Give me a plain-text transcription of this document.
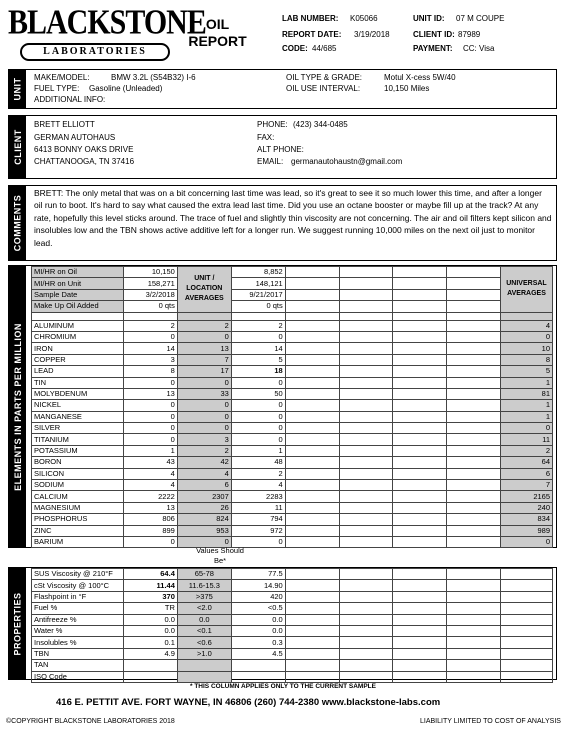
BLACKSTONE
LABORATORIES
OIL
REPORT
LAB NUMBER: K05066
REPORT DATE: 3/19/2018
CODE: 44/685
UNIT ID: 07 M COUPE
CLIENT ID: 87989
PAYMENT: CC: Visa
UNIT MAKE/MODEL:	BMW 3.2L (S54B32) I-6
FUEL TYPE: Gasoline (Unleaded)
ADDITIONAL INFO:
OIL TYPE & GRADE:	Motul X-cess 5W/40
OIL USE INTERVAL:	10,150 Miles
CLIENT
BRETT ELLIOTT
GERMAN AUTOHAUS
6413 BONNY OAKS DRIVE
CHATTANOOGA, TN 37416
PHONE: (423) 344-0485
FAX:
ALT PHONE:
EMAIL: germanautohaustn@gmail.com
COMMENTS
BRETT: The only metal that was on a bit concerning last time was lead, so it's great to see it so much lower this time, and after a longer oil run to boot. It's hard to say what caused the extra lead last time. Did you use an octane booster or maybe fill up at the track? At any rate, hopefully this level sticks around. The trace of fuel and slightly thin viscosity are not concerning. The air and oil filters kept silicon and insolubles low and the TBN shows active additive left for a longer run. We suggest running 10,000 miles on the next oil just to monitor lead.
ELEMENTS IN PARTS PER MILLION
MI/HR on Oil	10,150	UNIT / LOCATION AVERAGES	8,852					UNIVERSAL AVERAGES
MI/HR on Unit	158,271		148,121					
Sample Date	3/2/2018		9/21/2017					
Make Up Oil Added	0 qts		0 qts					

ALUMINUM	2	2	2					4
CHROMIUM	0	0	0					0
IRON	14	13	14					10
COPPER	3	7	5					8
LEAD	8	17	18					5
TIN	0	0	0					1
MOLYBDENUM	13	33	50					81
NICKEL	0	0	0					1
MANGANESE	0	0	0					1
SILVER	0	0	0					0
TITANIUM	0	3	0					11
POTASSIUM	1	2	1					2
BORON	43	42	48					64
SILICON	4	4	2					6
SODIUM	4	6	4					7
CALCIUM	2222	2307	2283					2165
MAGNESIUM	13	26	11					240
PHOSPHORUS	806	824	794					834
ZINC	899	953	972					989
BARIUM	0	0	0					0
Values Should Be*
PROPERTIES
SUS Viscosity @ 210°F	64.4	65-78	77.5					
cSt Viscosity @ 100°C	11.44	11.6-15.3	14.90					
Flashpoint in °F	370	>375	420					
Fuel %	TR	<2.0	<0.5					
Antifreeze %	0.0	0.0	0.0					
Water %	0.0	<0.1	0.0					
Insolubles %	0.1	<0.6	0.3					
TBN	4.9	>1.0	4.5					
TAN								
ISO Code								
* THIS COLUMN APPLIES ONLY TO THE CURRENT SAMPLE
416 E. PETTIT AVE. FORT WAYNE, IN 46806 (260) 744-2380 www.blackstone-labs.com
©COPYRIGHT BLACKSTONE LABORATORIES 2018	LIABILITY LIMITED TO COST OF ANALYSIS
